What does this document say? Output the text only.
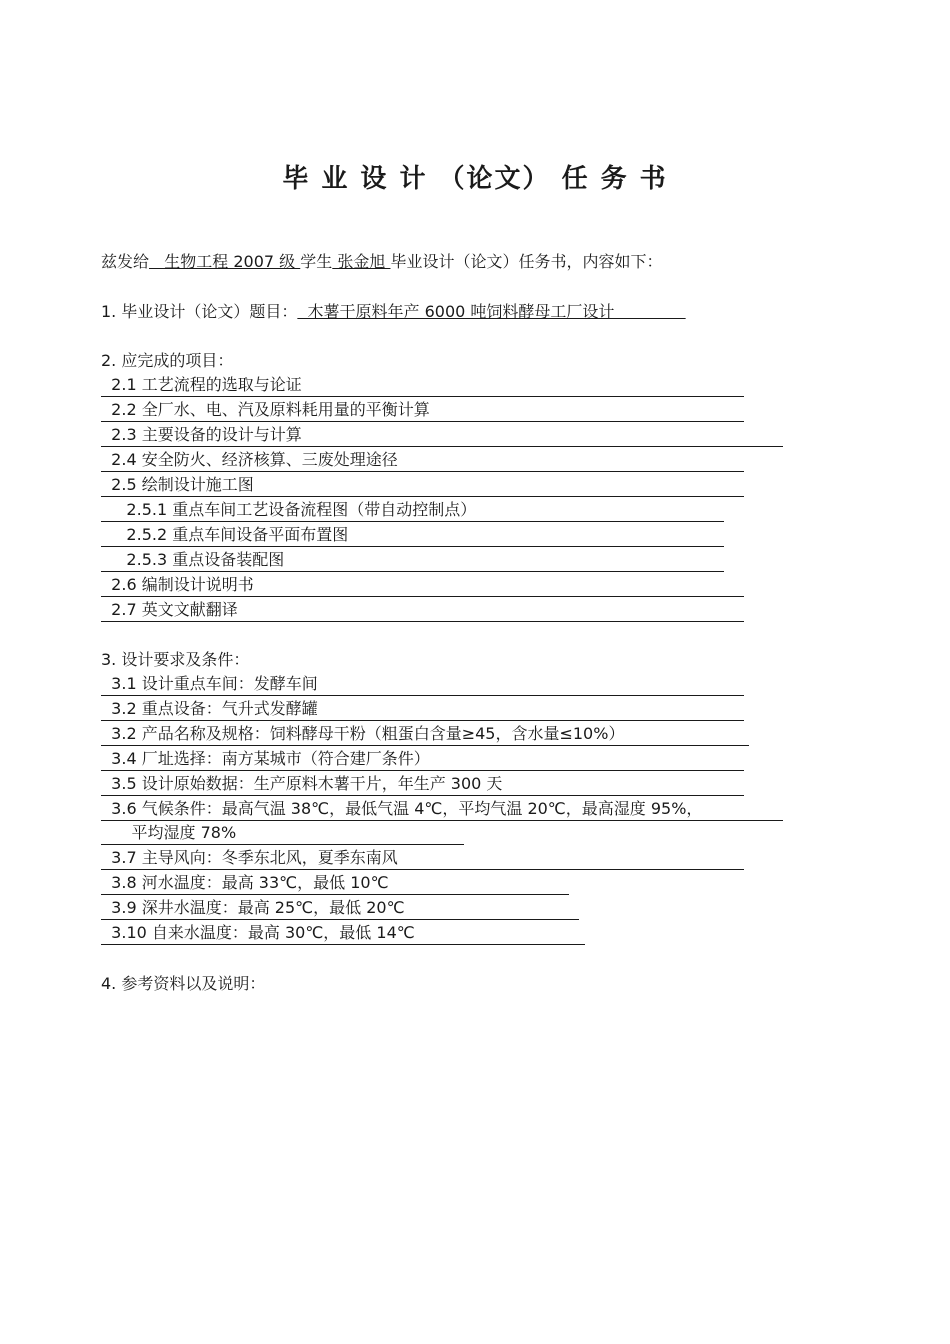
毕 业 设 计 （论文） 任 务 书
兹发给   生物工程 2007 级 学生 张金旭 毕业设计（论文）任务书，内容如下：
1. 毕业设计（论文）题目：  木薯干原料年产 6000 吨饲料酵母工厂设计
2. 应完成的项目：
2.1 工艺流程的选取与论证
2.2 全厂水、电、汽及原料耗用量的平衡计算
2.3 主要设备的设计与计算
2.4 安全防火、经济核算、三废处理途径
2.5 绘制设计施工图
2.5.1 重点车间工艺设备流程图（带自动控制点）
2.5.2 重点车间设备平面布置图
2.5.3 重点设备装配图
2.6 编制设计说明书
2.7 英文文献翻译
3. 设计要求及条件：
3.1 设计重点车间：发酵车间
3.2 重点设备：气升式发酵罐
3.2 产品名称及规格：饲料酵母干粉（粗蛋白含量≥45，含水量≤10%）
3.4 厂址选择：南方某城市（符合建厂条件）
3.5 设计原始数据：生产原料木薯干片，年生产 300 天
3.6 气候条件：最高气温 38℃，最低气温 4℃，平均气温 20℃，最高湿度 95%，
平均湿度 78%
3.7 主导风向：冬季东北风，夏季东南风
3.8 河水温度：最高 33℃，最低 10℃
3.9 深井水温度：最高 25℃，最低 20℃
3.10 自来水温度：最高 30℃，最低 14℃
4. 参考资料以及说明：
